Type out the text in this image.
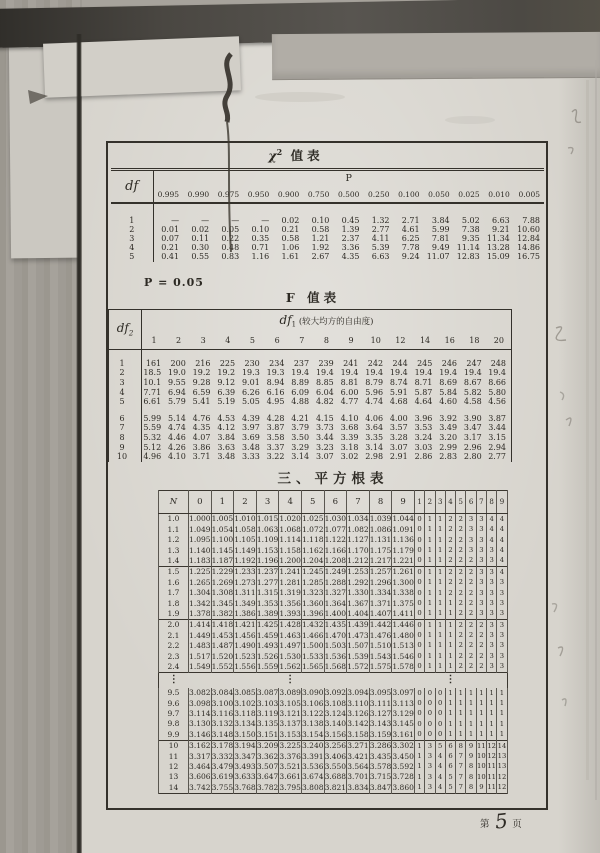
$\chi^2$ 值表
df	P												
	0.995	0.990	0.975	0.950	0.900	0.750	0.500	0.250	0.100	0.050	0.025	0.010	0.005
1	—	—	—	—	0.02	0.10	0.45	1.32	2.71	3.84	5.02	6.63	7.88
2	0.01	0.02	0.05	0.10	0.21	0.58	1.39	2.77	4.61	5.99	7.38	9.21	10.60
3	0.07	0.11	0.22	0.35	0.58	1.21	2.37	4.11	6.25	7.81	9.35	11.34	12.84
4	0.21	0.30	0.48	0.71	1.06	1.92	3.36	5.39	7.78	9.49	11.14	13.28	14.86
5	0.41	0.55	0.83	1.16	1.61	2.67	4.35	6.63	9.24	11.07	12.83	15.09	16.75
P = 0.05
F 值表
$df_2$	$df_1$ (较大均方的自由度)														
	1	2	3	4	5	6	7	8	9	10	12	14	16	18	20
1	161	200	216	225	230	234	237	239	241	242	244	245	246	247	248
2	18.5	19.0	19.2	19.2	19.3	19.3	19.4	19.4	19.4	19.4	19.4	19.4	19.4	19.4	19.4
3	10.1	9.55	9.28	9.12	9.01	8.94	8.89	8.85	8.81	8.79	8.74	8.71	8.69	8.67	8.66
4	7.71	6.94	6.59	6.39	6.26	6.16	6.09	6.04	6.00	5.96	5.91	5.87	5.84	5.82	5.80
5	6.61	5.79	5.41	5.19	5.05	4.95	4.88	4.82	4.77	4.74	4.68	4.64	4.60	4.58	4.56
6	5.99	5.14	4.76	4.53	4.39	4.28	4.21	4.15	4.10	4.06	4.00	3.96	3.92	3.90	3.87
7	5.59	4.74	4.35	4.12	3.97	3.87	3.79	3.73	3.68	3.64	3.57	3.53	3.49	3.47	3.44
8	5.32	4.46	4.07	3.84	3.69	3.58	3.50	3.44	3.39	3.35	3.28	3.24	3.20	3.17	3.15
9	5.12	4.26	3.86	3.63	3.48	3.37	3.29	3.23	3.18	3.14	3.07	3.03	2.99	2.96	2.94
10	4.96	4.10	3.71	3.48	3.33	3.22	3.14	3.07	3.02	2.98	2.91	2.86	2.83	2.80	2.77
三、平方根表
N	0	1	2	3	4	5	6	7	8	9	1	2	3	4	5	6	7	8	9
1.0	1.000	1.005	1.010	1.015	1.020	1.025	1.030	1.034	1.039	1.044	0	1	1	2	2	3	3	4	4
1.1	1.049	1.054	1.058	1.063	1.068	1.072	1.077	1.082	1.086	1.091	0	1	1	2	2	3	3	4	4
1.2	1.095	1.100	1.105	1.109	1.114	1.118	1.122	1.127	1.131	1.136	0	1	1	2	2	3	3	4	4
1.3	1.140	1.145	1.149	1.153	1.158	1.162	1.166	1.170	1.175	1.179	0	1	1	2	2	3	3	3	4
1.4	1.183	1.187	1.192	1.196	1.200	1.204	1.208	1.212	1.217	1.221	0	1	1	2	2	2	3	3	4
1.5	1.225	1.229	1.233	1.237	1.241	1.245	1.249	1.253	1.257	1.261	0	1	1	2	2	2	3	3	4
1.6	1.265	1.269	1.273	1.277	1.281	1.285	1.288	1.292	1.296	1.300	0	1	1	2	2	2	3	3	3
1.7	1.304	1.308	1.311	1.315	1.319	1.323	1.327	1.330	1.334	1.338	0	1	1	2	2	2	3	3	3
1.8	1.342	1.345	1.349	1.353	1.356	1.360	1.364	1.367	1.371	1.375	0	1	1	1	2	2	3	3	3
1.9	1.378	1.382	1.386	1.389	1.393	1.396	1.400	1.404	1.407	1.411	0	1	1	1	2	2	3	3	3
2.0	1.414	1.418	1.421	1.425	1.428	1.432	1.435	1.439	1.442	1.446	0	1	1	1	2	2	2	3	3
2.1	1.449	1.453	1.456	1.459	1.463	1.466	1.470	1.473	1.476	1.480	0	1	1	1	2	2	2	3	3
2.2	1.483	1.487	1.490	1.493	1.497	1.500	1.503	1.507	1.510	1.513	0	1	1	1	2	2	2	3	3
2.3	1.517	1.520	1.523	1.526	1.530	1.533	1.536	1.539	1.543	1.546	0	1	1	1	2	2	2	3	3
2.4	1.549	1.552	1.556	1.559	1.562	1.565	1.568	1.572	1.575	1.578	0	1	1	1	2	2	2	3	3
⋮					⋮									⋮					
9.5	3.082	3.084	3.085	3.087	3.089	3.090	3.092	3.094	3.095	3.097	0	0	0	1	1	1	1	1	1
9.6	3.098	3.100	3.102	3.103	3.105	3.106	3.108	3.110	3.111	3.113	0	0	0	1	1	1	1	1	1
9.7	3.114	3.116	3.118	3.119	3.121	3.122	3.124	3.126	3.127	3.129	0	0	0	1	1	1	1	1	1
9.8	3.130	3.132	3.134	3.135	3.137	3.138	3.140	3.142	3.143	3.145	0	0	0	1	1	1	1	1	1
9.9	3.146	3.148	3.150	3.151	3.153	3.154	3.156	3.158	3.159	3.161	0	0	0	1	1	1	1	1	1
10	3.162	3.178	3.194	3.209	3.225	3.240	3.256	3.271	3.286	3.302	1	3	5	6	8	9	11	12	14
11	3.317	3.332	3.347	3.362	3.376	3.391	3.406	3.421	3.435	3.450	1	3	4	6	7	9	10	12	13
12	3.464	3.479	3.493	3.507	3.521	3.536	3.550	3.564	3.578	3.592	1	3	4	6	7	8	10	11	13
13	3.606	3.619	3.633	3.647	3.661	3.674	3.688	3.701	3.715	3.728	1	3	4	5	7	8	10	11	12
14	3.742	3.755	3.768	3.782	3.795	3.808	3.821	3.834	3.847	3.860	1	3	4	5	7	8	9	11	12
第 5 页
